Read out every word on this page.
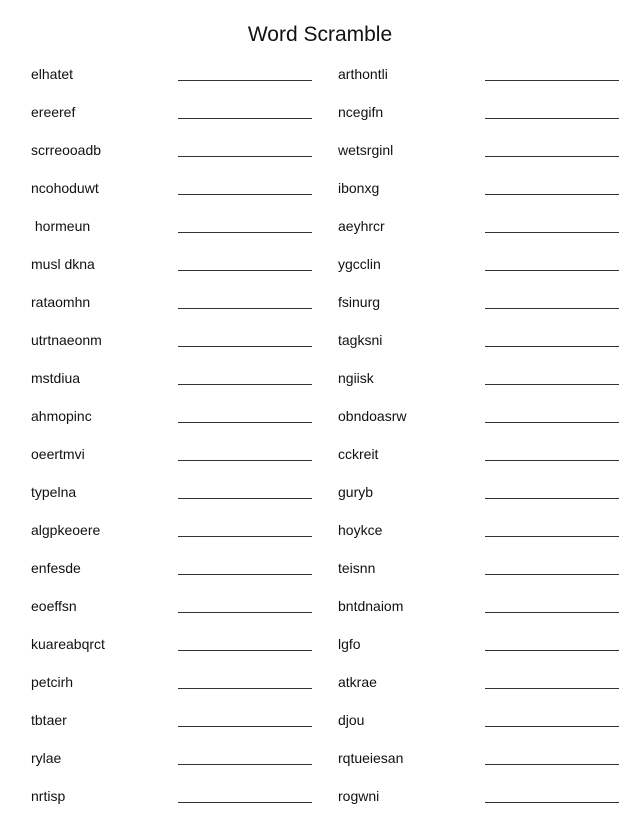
Word Scramble
elhatet
ereeref
scrreooadb
ncohoduwt
hormeun
musl dkna
rataomhn
utrtnaeonm
mstdiua
ahmopinc
oeertmvi
typelna
algpkeoere
enfesde
eoeffsn
kuareabqrct
petcirh
tbtaer
rylae
nrtisp
arthontli
ncegifn
wetsrginl
ibonxg
aeyhrcr
ygcclin
fsinurg
tagksni
ngiisk
obndoasrw
cckreit
guryb
hoykce
teisnn
bntdnaiom
lgfo
atkrae
djou
rqtueiesan
rogwni
